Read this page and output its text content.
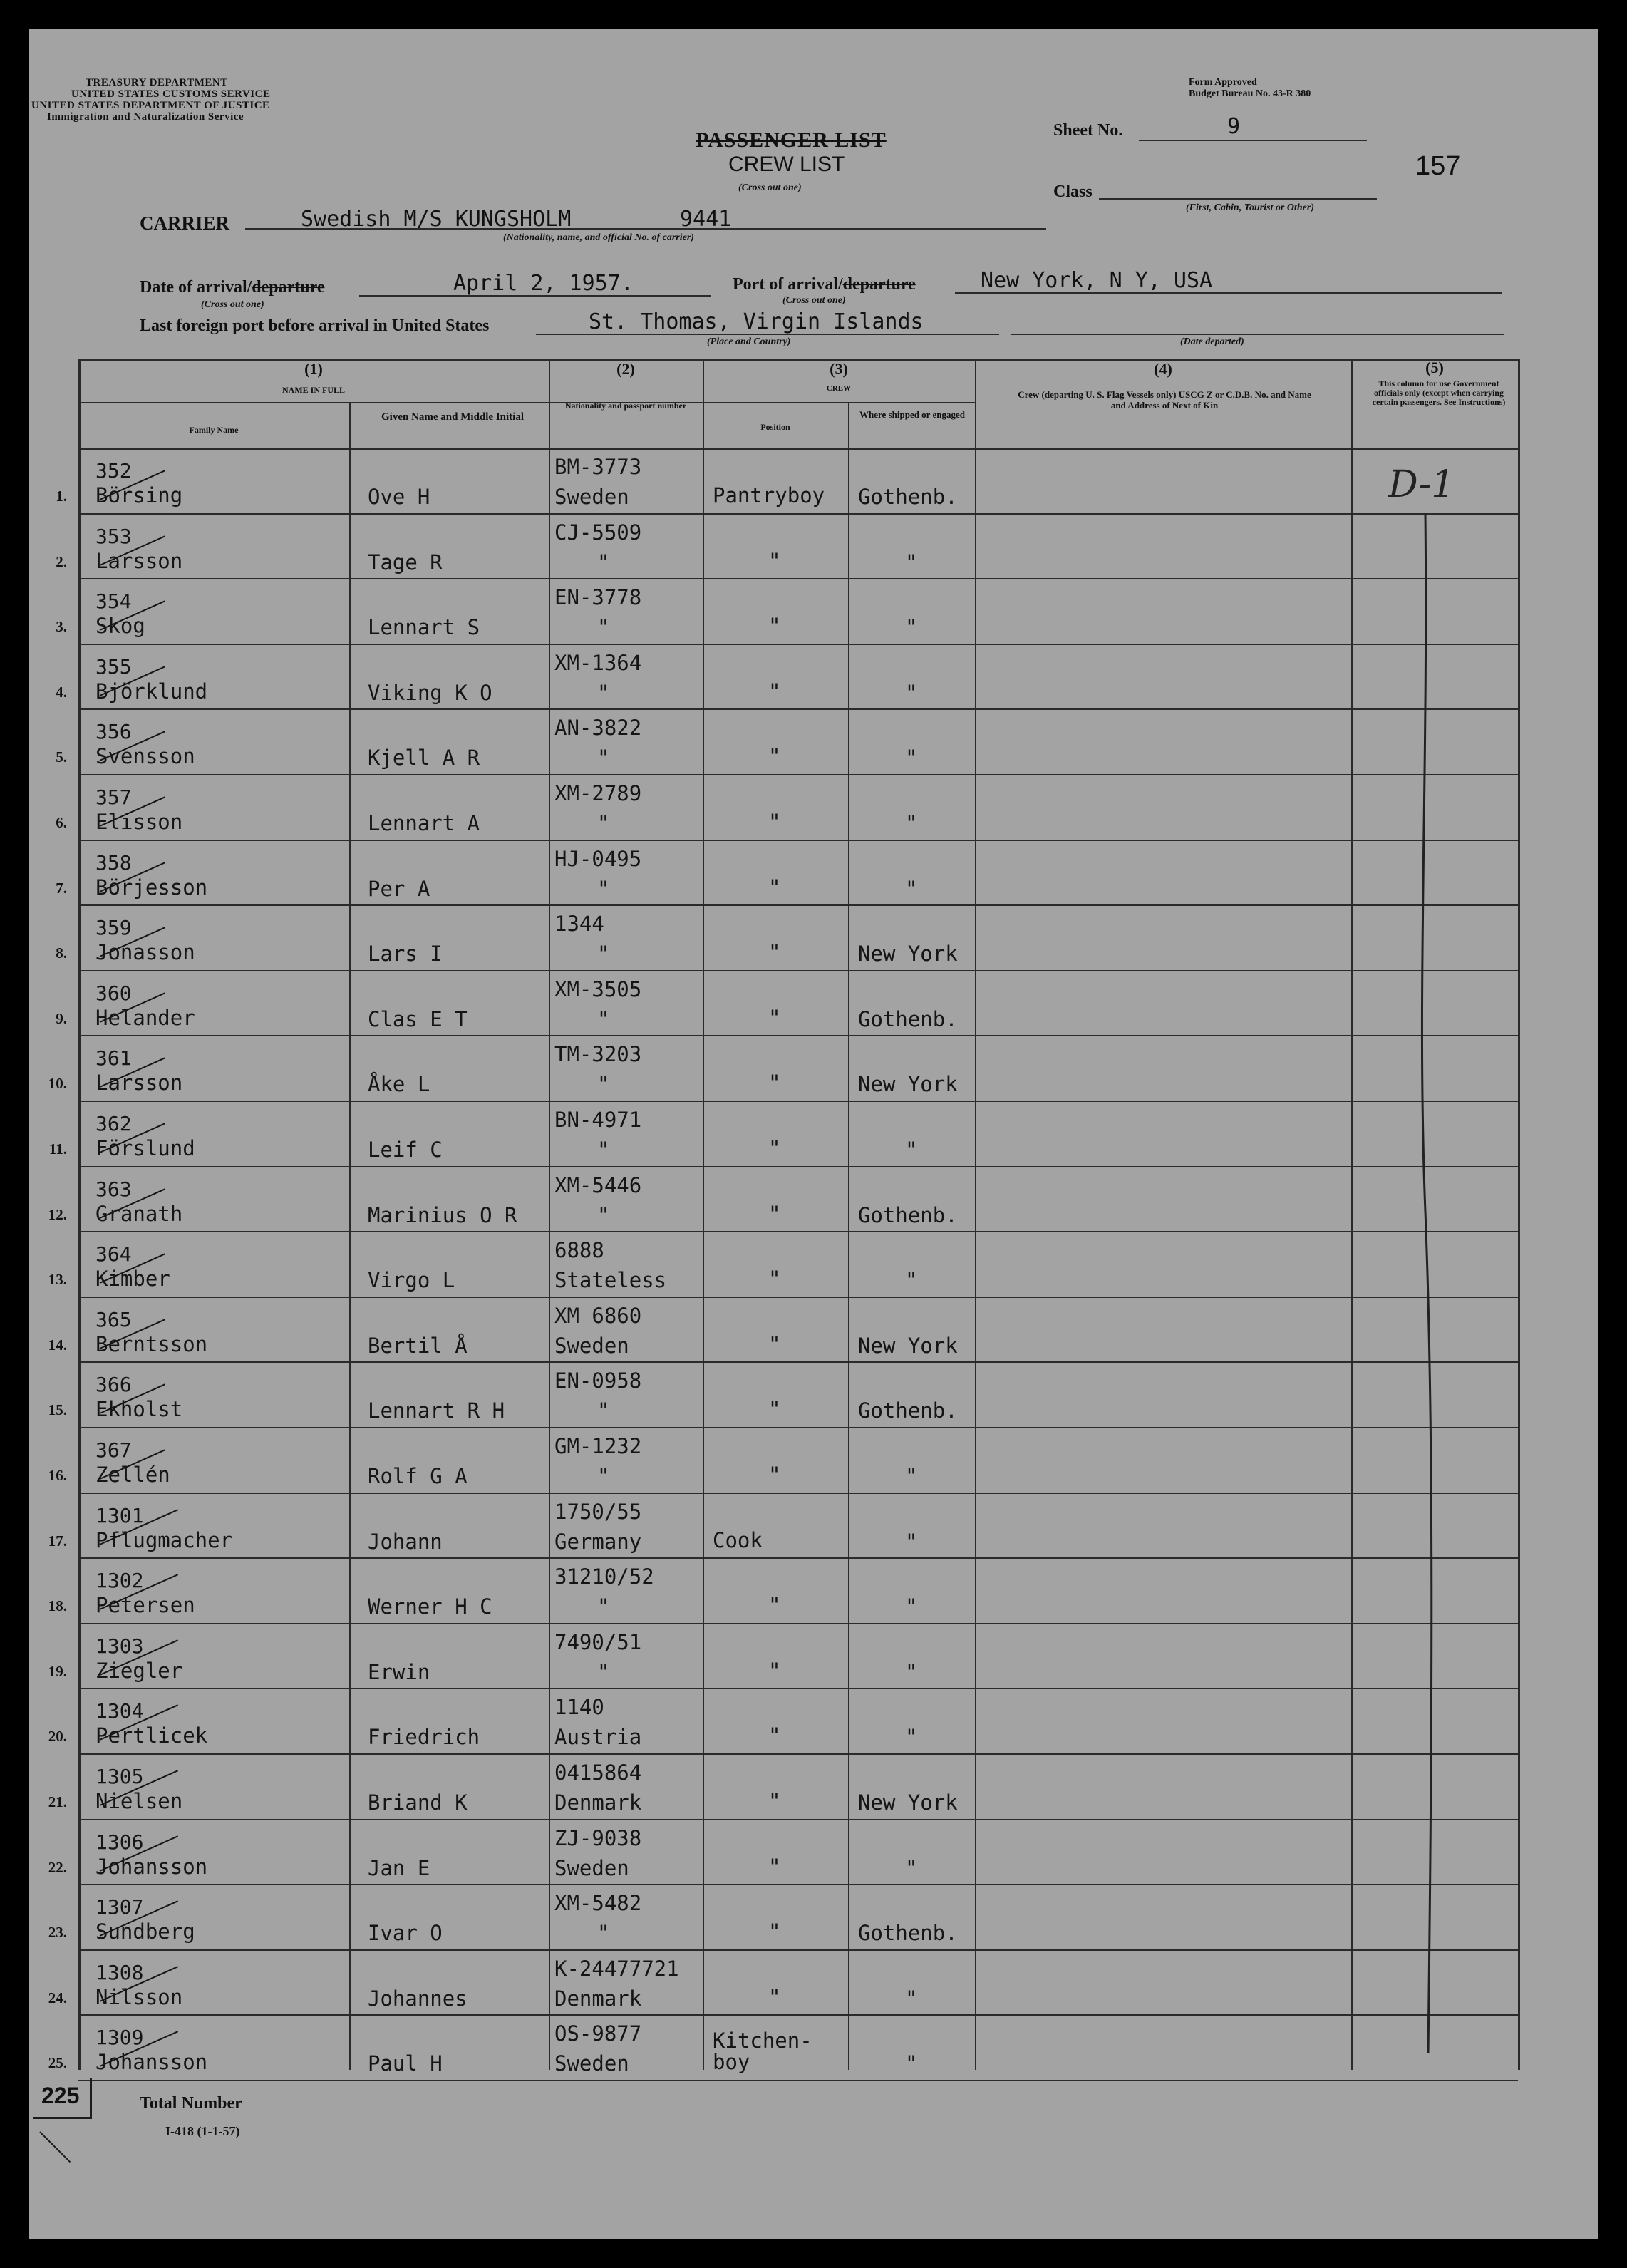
TREASURY DEPARTMENT
UNITED STATES CUSTOMS SERVICE
UNITED STATES DEPARTMENT OF JUSTICE
Immigration and Naturalization Service
Form Approved
Budget Bureau No. 43-R 380
PASSENGER LIST
CREW LIST
(Cross out one)
Sheet No.	9
157
Class
(First, Cabin, Tourist or Other)
CARRIER	Swedish M/S KUNGSHOLM	9441
(Nationality, name, and official No. of carrier)
Date of arrival/departure
(Cross out one)
April 2, 1957.	Port of arrival/departure
(Cross out one)
New York, N Y, USA
Last foreign port before arrival in United States	St. Thomas, Virgin Islands
(Place and Country)	(Date departed)
(1)
NAME IN FULL
Family Name
Given Name and Middle Initial
(2)
Nationality and passport number
(3)
CREW
Position
Where shipped or engaged
(4)
Crew (departing U. S. Flag Vessels only) USCG Z or C.D.B. No. and Name and Address of Next of Kin
(5)
This column for use Government officials only (except when carrying certain passengers. See Instructions)
1.
352
Börsing	Ove H
BM-3773
Sweden	Pantryboy Gothenb.
2.
353
Larsson	Tage R
CJ-5509
"	"	"
3.
354
Skog	Lennart S
EN-3778
"	"	"
4.
355
Björklund	Viking K O
XM-1364
"	"	"
5.
356
Svensson	Kjell A R
AN-3822
"	"	"
6.
357
Elisson	Lennart A
XM-2789
"	"	"
7.
358
Börjesson	Per A
HJ-0495
"	"	"
8.
359
Jonasson	Lars I
1344
"	"	New York
9.
360
Helander	Clas E T
XM-3505
"	"	Gothenb.
10.
361
Larsson	Åke L
TM-3203
"	"	New York
11.
362
Förslund	Leif C
BN-4971
"	"	"
12.
363
Granath	Marinius O R
XM-5446
"	"	Gothenb.
13.
364
Kimber	Virgo L
6888
Stateless	"	"
14.
365
Berntsson	Bertil Å
XM 6860
Sweden	"	New York
15.
366
Ekholst	Lennart R H
EN-0958
"	"	Gothenb.
16.
367
Zellén	Rolf G A
GM-1232
"	"	"
17.
1301
Pflugmacher	Johann
1750/55
Germany	Cook	"
18.
1302
Petersen	Werner H C
31210/52
"	"	"
19.
1303
Ziegler	Erwin
7490/51
"	"	"
20.
1304
Pertlicek	Friedrich
1140
Austria	"	"
21.
1305
Nielsen	Briand K
0415864
Denmark	"	New York
22.
1306
Johansson	Jan E
ZJ-9038
Sweden	"	"
23.
1307
Sundberg	Ivar O
XM-5482
"	"	Gothenb.
24.
1308
Nilsson	Johannes
K-24477721
Denmark	"	"
25.
1309
Johansson	Paul H
OS-9877
Sweden
Kitchen-
boy	"
D-1
225	Total Number
I-418 (1-1-57)
